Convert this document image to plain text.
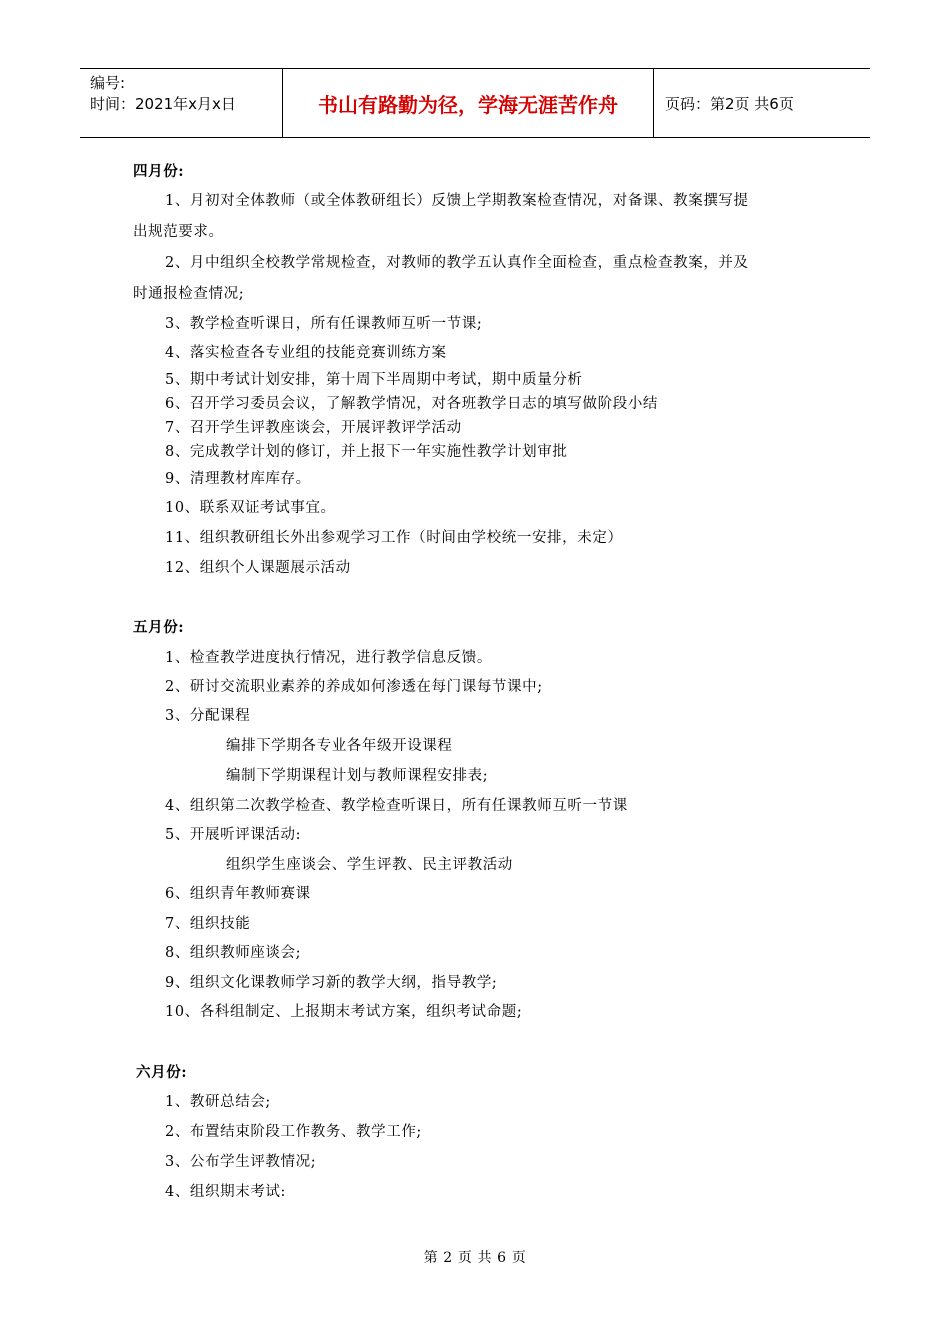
编号:
时间：2021年x月x日	书山有路勤为径，学海无涯苦作舟	页码：第2页 共6页
四月份:
1、月初对全体教师（或全体教研组长）反馈上学期教案检查情况，对备课、教案撰写提
出规范要求。
2、月中组织全校教学常规检查，对教师的教学五认真作全面检查，重点检查教案，并及
时通报检查情况;
3、教学检查听课日，所有任课教师互听一节课;
4、落实检查各专业组的技能竞赛训练方案
5、期中考试计划安排，第十周下半周期中考试，期中质量分析
6、召开学习委员会议，了解教学情况，对各班教学日志的填写做阶段小结
7、召开学生评教座谈会，开展评教评学活动
8、完成教学计划的修订，并上报下一年实施性教学计划审批
9、清理教材库库存。
10、联系双证考试事宜。
11、组织教研组长外出参观学习工作（时间由学校统一安排，未定）
12、组织个人课题展示活动
五月份:
1、检查教学进度执行情况，进行教学信息反馈。
2、研讨交流职业素养的养成如何渗透在每门课每节课中;
3、分配课程
编排下学期各专业各年级开设课程
编制下学期课程计划与教师课程安排表;
4、组织第二次教学检查、教学检查听课日，所有任课教师互听一节课
5、开展听评课活动:
组织学生座谈会、学生评教、民主评教活动
6、组织青年教师赛课
7、组织技能
8、组织教师座谈会;
9、组织文化课教师学习新的教学大纲，指导教学;
10、各科组制定、上报期末考试方案，组织考试命题;
六月份:
1、教研总结会;
2、布置结束阶段工作教务、教学工作;
3、公布学生评教情况;
4、组织期末考试:
第 2 页 共 6 页
